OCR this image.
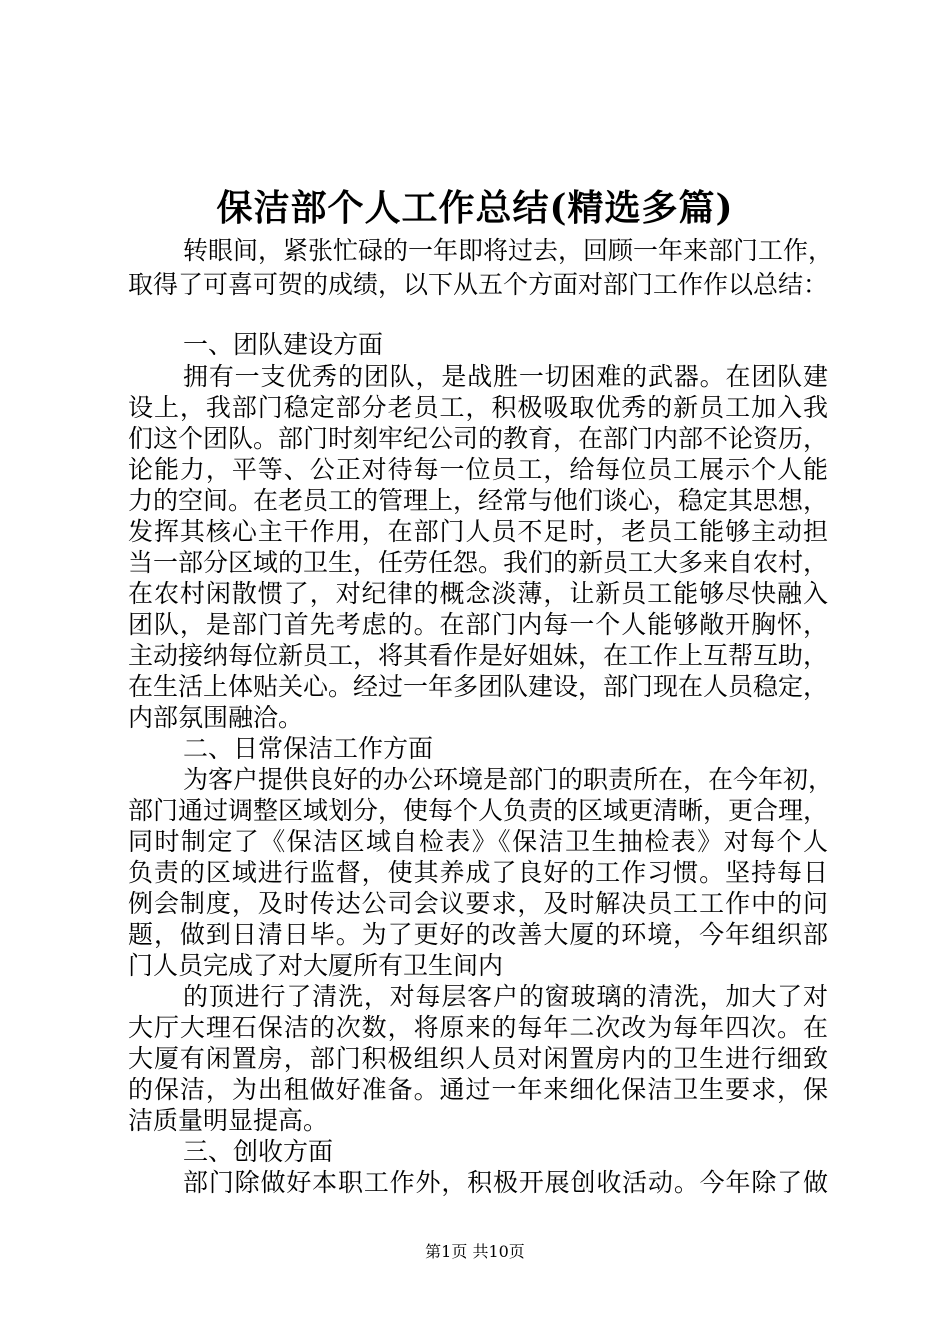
保洁部个人工作总结(精选多篇)
转眼间，紧张忙碌的一年即将过去，回顾一年来部门工作，
取得了可喜可贺的成绩，以下从五个方面对部门工作作以总结：
一、团队建设方面
拥有一支优秀的团队，是战胜一切困难的武器。在团队建
设上，我部门稳定部分老员工，积极吸取优秀的新员工加入我
们这个团队。部门时刻牢纪公司的教育，在部门内部不论资历，
论能力，平等、公正对待每一位员工，给每位员工展示个人能
力的空间。在老员工的管理上，经常与他们谈心，稳定其思想，
发挥其核心主干作用，在部门人员不足时，老员工能够主动担
当一部分区域的卫生，任劳任怨。我们的新员工大多来自农村，
在农村闲散惯了，对纪律的概念淡薄，让新员工能够尽快融入
团队，是部门首先考虑的。在部门内每一个人能够敞开胸怀，
主动接纳每位新员工，将其看作是好姐妹，在工作上互帮互助，
在生活上体贴关心。经过一年多团队建设，部门现在人员稳定，
内部氛围融洽。
二、日常保洁工作方面
为客户提供良好的办公环境是部门的职责所在，在今年初，
部门通过调整区域划分，使每个人负责的区域更清晰，更合理，
同时制定了《保洁区域自检表》《保洁卫生抽检表》对每个人
负责的区域进行监督，使其养成了良好的工作习惯。坚持每日
例会制度，及时传达公司会议要求，及时解决员工工作中的问
题，做到日清日毕。为了更好的改善大厦的环境，今年组织部
门人员完成了对大厦所有卫生间内
的顶进行了清洗，对每层客户的窗玻璃的清洗，加大了对
大厅大理石保洁的次数，将原来的每年二次改为每年四次。在
大厦有闲置房，部门积极组织人员对闲置房内的卫生进行细致
的保洁，为出租做好准备。通过一年来细化保洁卫生要求，保
洁质量明显提高。
三、创收方面
部门除做好本职工作外，积极开展创收活动。今年除了做
第1页 共10页
